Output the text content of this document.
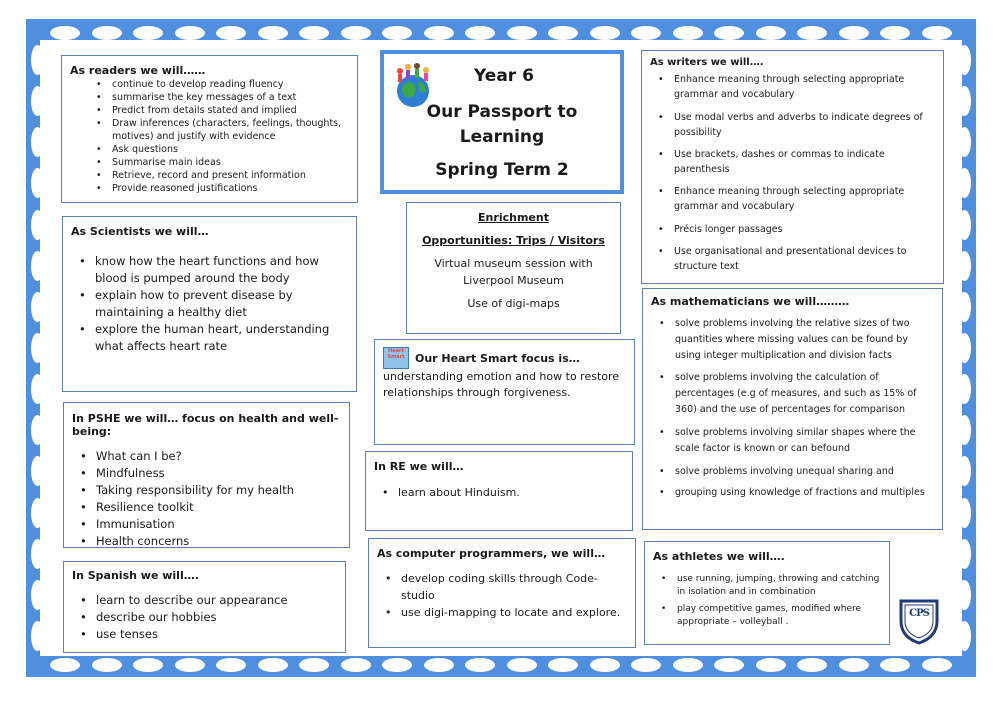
As readers we will……
• continue to develop reading fluency
• summarise the key messages of a text
• Predict from details stated and implied
• Draw inferences (characters, feelings, thoughts, motives) and justify with evidence
• Ask questions
• Summarise main ideas
• Retrieve, record and present information
• Provide reasoned justifications
Year 6
Our Passport to
Learning
Spring Term 2
As writers we will….
• Enhance meaning through selecting appropriate grammar and vocabulary
• Use modal verbs and adverbs to indicate degrees of possibility
• Use brackets, dashes or commas to indicate parenthesis
• Enhance meaning through selecting appropriate grammar and vocabulary
• Précis longer passages
• Use organisational and presentational devices to structure text
As Scientists we will…
• know how the heart functions and how blood is pumped around the body
• explain how to prevent disease by maintaining a healthy diet
• explore the human heart, understanding what affects heart rate
Enrichment
Opportunities: Trips / Visitors
Virtual museum session with Liverpool Museum
Use of digi-maps
Heart Smart Our Heart Smart focus is…
understanding emotion and how to restore relationships through forgiveness.
As mathematicians we will………
• solve problems involving the relative sizes of two quantities where missing values can be found by using integer multiplication and division facts
• solve problems involving the calculation of percentages (e.g of measures, and such as 15% of 360) and the use of percentages for comparison
• solve problems involving similar shapes where the scale factor is known or can befound
• solve problems involving unequal sharing and
• grouping using knowledge of fractions and multiples
In PSHE we will… focus on health and well-being:
• What can I be?
• Mindfulness
• Taking responsibility for my health
• Resilience toolkit
• Immunisation
• Health concerns
In RE we will…
• learn about Hinduism.
In Spanish we will….
• learn to describe our appearance
• describe our hobbies
• use tenses
As computer programmers, we will…
• develop coding skills through Code-studio
• use digi-mapping to locate and explore.
As athletes we will….
• use running, jumping, throwing and catching in isolation and in combination
• play competitive games, modified where appropriate – volleyball .
CPS
